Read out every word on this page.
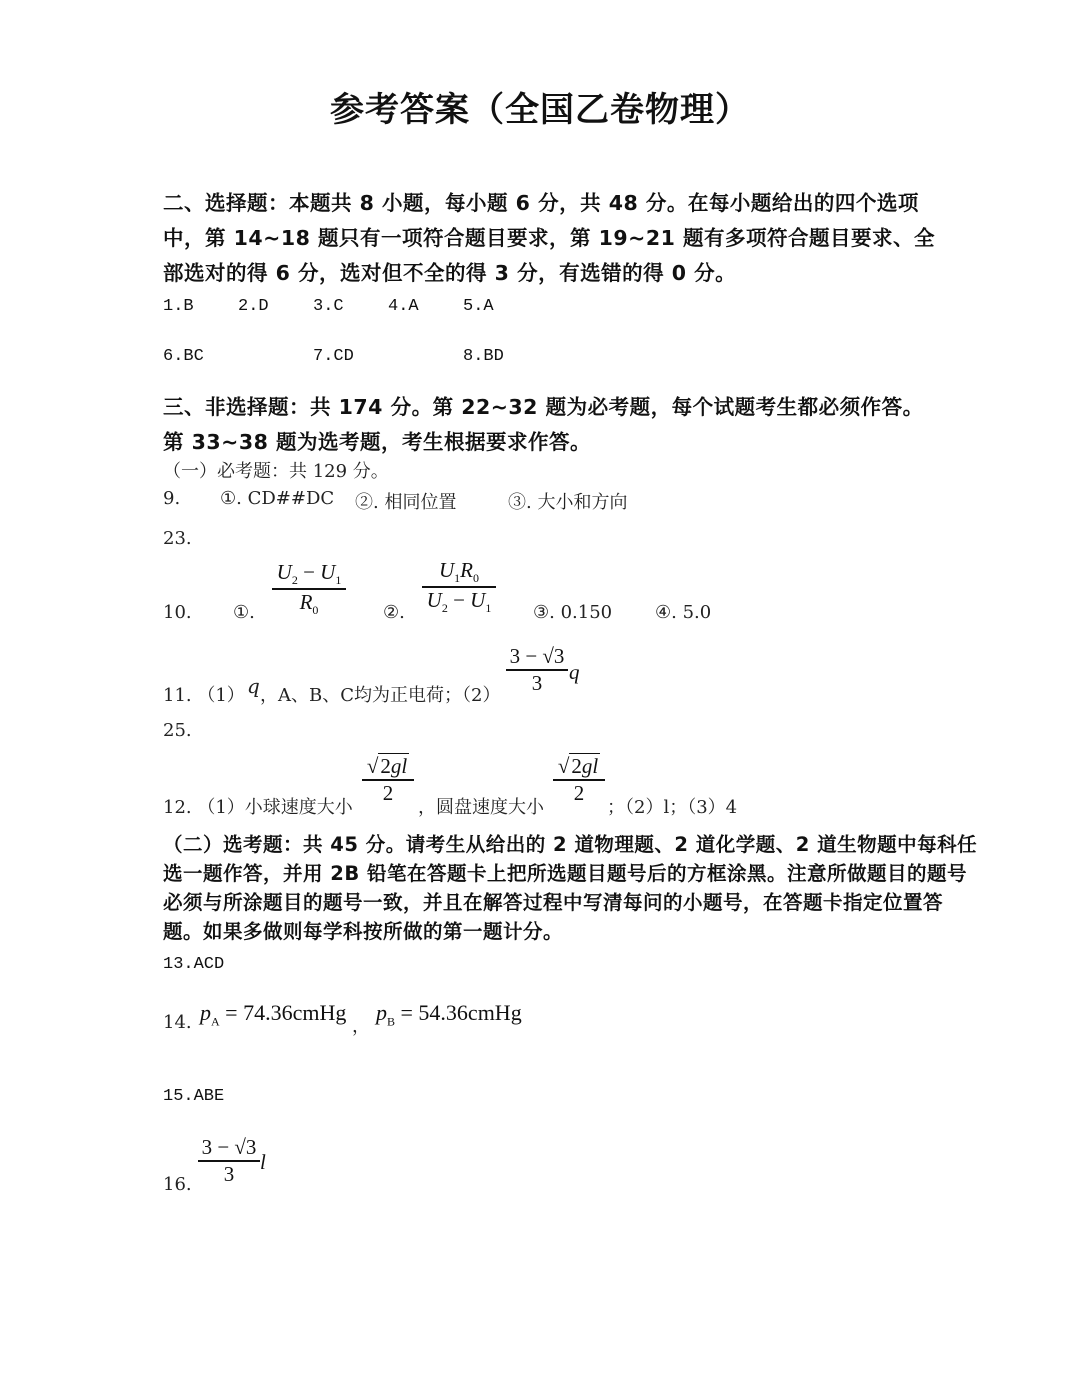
参考答案（全国乙卷物理）
二、选择题：本题共 8 小题，每小题 6 分，共 48 分。在每小题给出的四个选项
中，第 14~18 题只有一项符合题目要求，第 19~21 题有多项符合题目要求、全
部选对的得 6 分，选对但不全的得 3 分，有选错的得 0 分。
1.B	2.D	3.C	4.A	5.A
6.BC	7.CD	8.BD
三、非选择题：共 174 分。第 22~32 题为必考题，每个试题考生都必须作答。
第 33~38 题为选考题，考生根据要求作答。
（一）必考题：共 129 分。
9. ①. CD##DC ②. 相同位置	③. 大小和方向
23.
10. ①.
$U_2 - U_1$
$R_0$	②.
$U_1R_0$
$U_2 - U_1$ ③. 0.150 ④. 5.0
11. （1） q ，A、B、C均为正电荷；（2）
3 − √3
3	q
25.
12. （1）小球速度大小
√2gl
2
，圆盘速度大小
√2gl
2
；（2）l；（3）4
（二）选考题：共 45 分。请考生从给出的 2 道物理题、2 道化学题、2 道生物题中每科任
选一题作答，并用 2B 铅笔在答题卡上把所选题目题号后的方框涂黑。注意所做题目的题号
必须与所涂题目的题号一致，并且在解答过程中写清每问的小题号，在答题卡指定位置答
题。如果多做则每学科按所做的第一题计分。
13.ACD
14. $p_A$ = 74.36cmHg
，
$p_B$ = 54.36cmHg
15.ABE
16.
3 − √3
3	l
